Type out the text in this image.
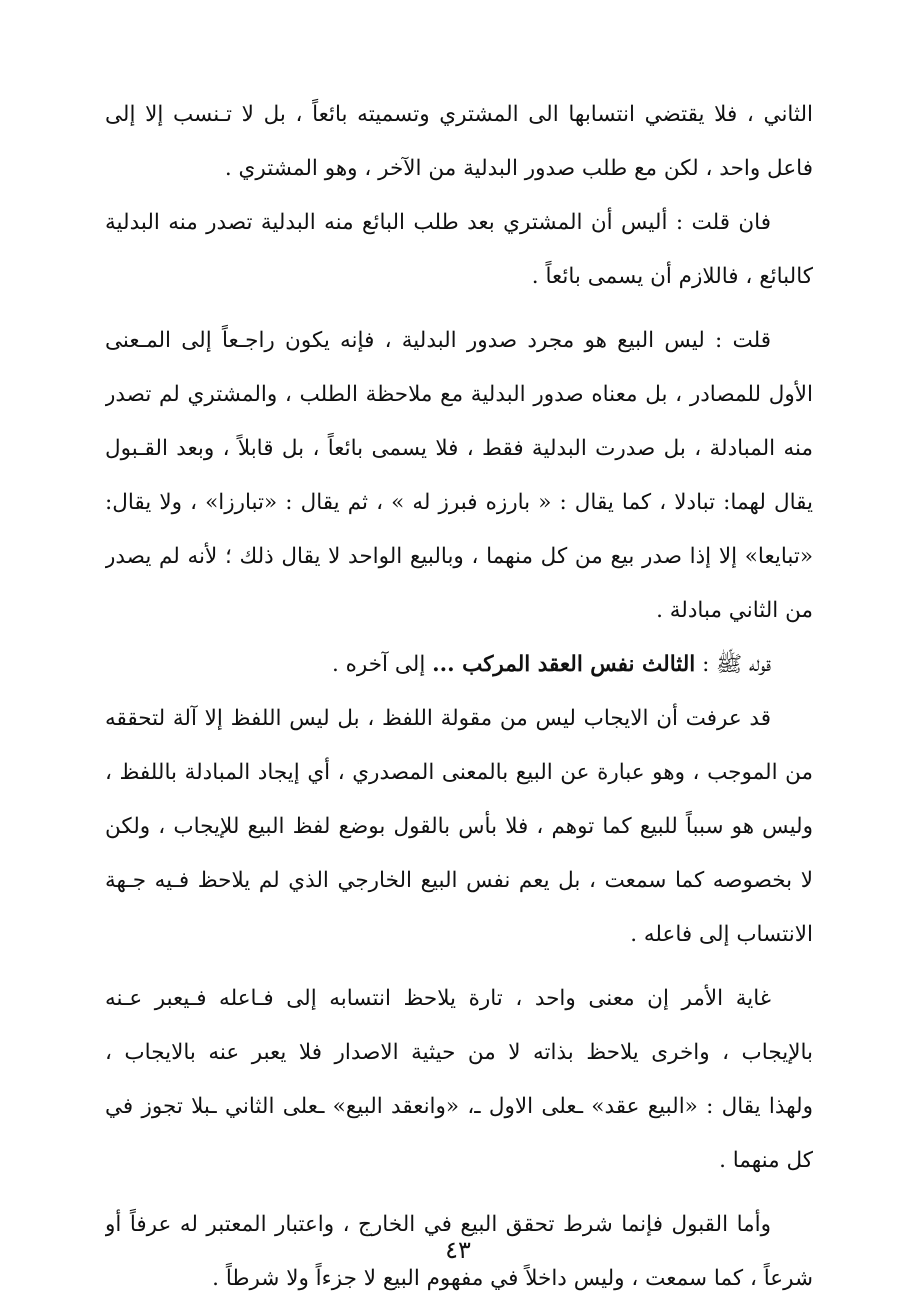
الثاني ، فلا يقتضي انتسابها الى المشتري وتسميته بائعاً ، بل لا تـنسب إلا إلى
فاعل واحد ، لكن مع طلب صدور البدلية من الآخر ، وهو المشتري .
فان قلت : أليس أن المشتري بعد طلب البائع منه البدلية تصدر منه البدلية
كالبائع ، فاللازم أن يسمى بائعاً .
قلت : ليس البيع هو مجرد صدور البدلية ، فإنه يكون راجـعاً إلى المـعنى
الأول للمصادر ، بل معناه صدور البدلية مع ملاحظة الطلب ، والمشتري لم تصدر
منه المبادلة ، بل صدرت البدلية فقط ، فلا يسمى بائعاً ، بل قابلاً ، وبعد القـبول
يقال لهما: تبادلا ، كما يقال : « بارزه فبرز له » ، ثم يقال : «تبارزا» ، ولا يقال:
«تبايعا» إلا إذا صدر بيع من كل منهما ، وبالبيع الواحد لا يقال ذلك ؛ لأنه لم يصدر
من الثاني مبادلة .
قوله ﷺ : الثالث نفس العقد المركب ... إلى آخره .
قد عرفت أن الايجاب ليس من مقولة اللفظ ، بل ليس اللفظ إلا آلة لتحققه
من الموجب ، وهو عبارة عن البيع بالمعنى المصدري ، أي إيجاد المبادلة باللفظ ،
وليس هو سبباً للبيع كما توهم ، فلا بأس بالقول بوضع لفظ البيع للإيجاب ، ولكن
لا بخصوصه كما سمعت ، بل يعم نفس البيع الخارجي الذي لم يلاحظ فـيه جـهة
الانتساب إلى فاعله .
غاية الأمر إن معنى واحد ، تارة يلاحظ انتسابه إلى فـاعله فـيعبر عـنه
بالإيجاب ، واخرى يلاحظ بذاته لا من حيثية الاصدار فلا يعبر عنه بالايجاب ،
ولهذا يقال : «البيع عقد» ـعلى الاول ـ، «وانعقد البيع» ـعلى الثاني ـبلا تجوز في
كل منهما .
وأما القبول فإنما شرط تحقق البيع في الخارج ، واعتبار المعتبر له عرفاً أو
شرعاً ، كما سمعت ، وليس داخلاً في مفهوم البيع لا جزءاً ولا شرطاً .
٤٣
